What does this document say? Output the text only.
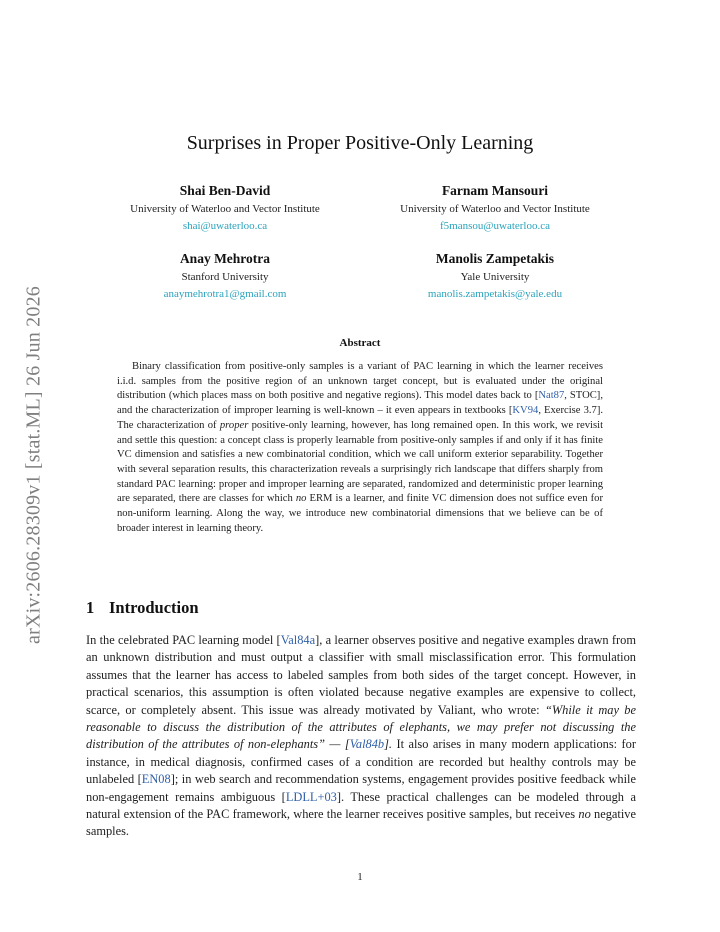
arXiv:2606.28309v1 [stat.ML] 26 Jun 2026
Surprises in Proper Positive-Only Learning
Shai Ben-David
University of Waterloo and Vector Institute
shai@uwaterloo.ca
Farnam Mansouri
University of Waterloo and Vector Institute
f5mansou@uwaterloo.ca
Anay Mehrotra
Stanford University
anaymehrotra1@gmail.com
Manolis Zampetakis
Yale University
manolis.zampetakis@yale.edu
Abstract
Binary classification from positive-only samples is a variant of PAC learning in which the learner receives i.i.d. samples from the positive region of an unknown target concept, but is evaluated under the original distribution (which places mass on both positive and negative regions). This model dates back to [Nat87, STOC], and the characterization of improper learning is well-known – it even appears in textbooks [KV94, Exercise 3.7]. The characterization of proper positive-only learning, however, has long remained open. In this work, we revisit and settle this question: a concept class is properly learnable from positive-only samples if and only if it has finite VC dimension and satisfies a new combinatorial condition, which we call uniform exterior separability. Together with several separation results, this characterization reveals a surprisingly rich landscape that differs sharply from standard PAC learning: proper and improper learning are separated, randomized and deterministic proper learning are separated, there are classes for which no ERM is a learner, and finite VC dimension does not suffice even for non-uniform learning. Along the way, we introduce new combinatorial dimensions that we believe can be of broader interest in learning theory.
1 Introduction
In the celebrated PAC learning model [Val84a], a learner observes positive and negative examples drawn from an unknown distribution and must output a classifier with small misclassification error. This formulation assumes that the learner has access to labeled samples from both sides of the target concept. However, in practical scenarios, this assumption is often violated because negative examples are expensive to collect, scarce, or completely absent. This issue was already motivated by Valiant, who wrote: “While it may be reasonable to discuss the distribution of the attributes of elephants, we may prefer not discussing the distribution of the attributes of non-elephants” — [Val84b]. It also arises in many modern applications: for instance, in medical diagnosis, confirmed cases of a condition are recorded but healthy controls may be unlabeled [EN08]; in web search and recommendation systems, engagement provides positive feedback while non-engagement remains ambiguous [LDLL+03]. These practical challenges can be modeled through a natural extension of the PAC framework, where the learner receives positive samples, but receives no negative samples.
1
